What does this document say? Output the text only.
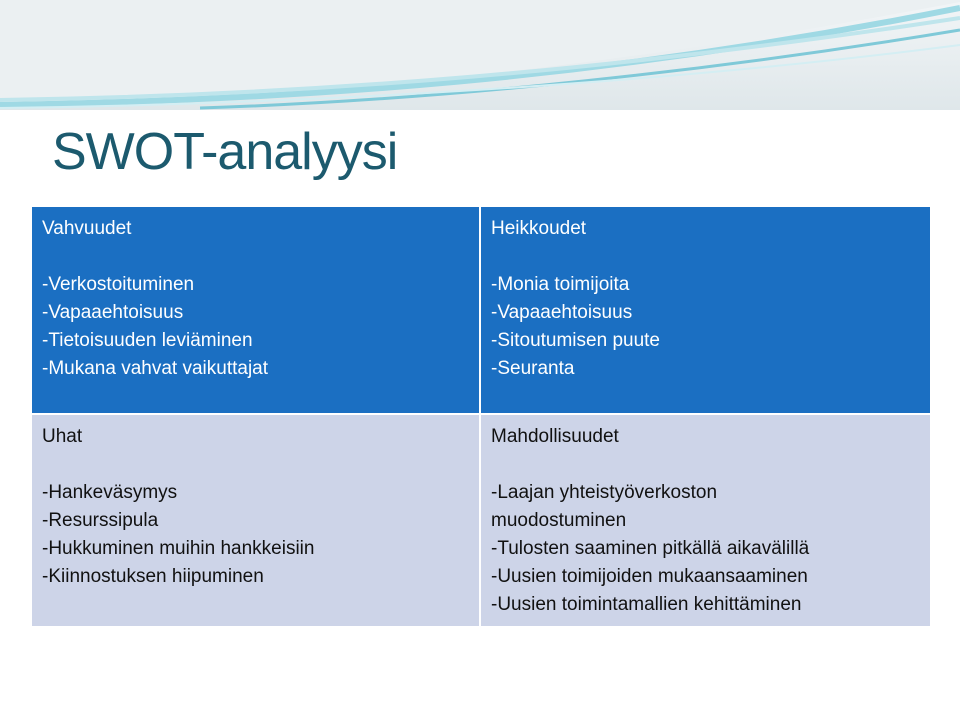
SWOT-analyysi
Vahvuudet
-Verkostoituminen
-Vapaaehtoisuus
-Tietoisuuden leviäminen
-Mukana vahvat vaikuttajat
Heikkoudet
-Monia toimijoita
-Vapaaehtoisuus
-Sitoutumisen puute
-Seuranta
Uhat
-Hankeväsymys
-Resurssipula
-Hukkuminen muihin hankkeisiin
-Kiinnostuksen hiipuminen
Mahdollisuudet
-Laajan yhteistyöverkoston
muodostuminen
-Tulosten saaminen pitkällä aikavälillä
-Uusien toimijoiden mukaansaaminen
-Uusien toimintamallien kehittäminen
